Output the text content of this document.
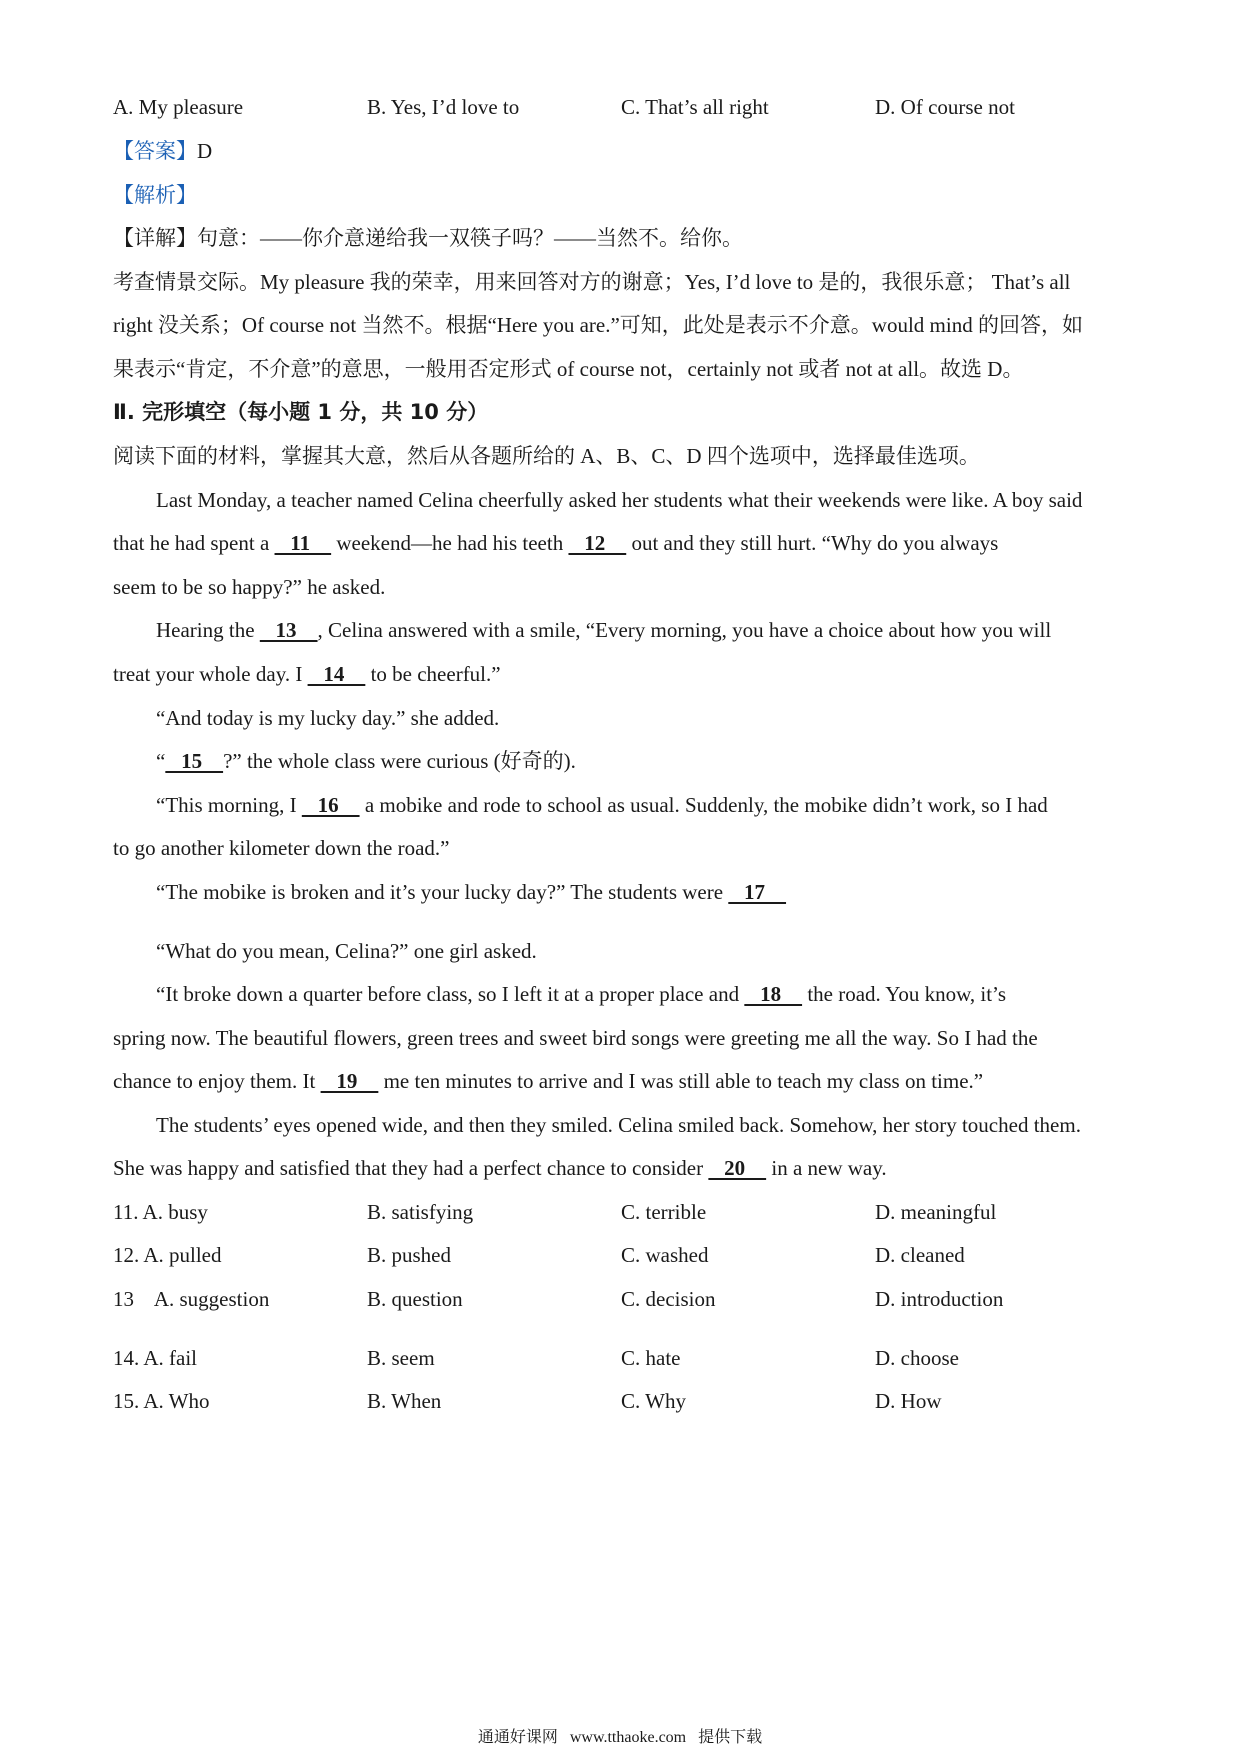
A. My pleasure	B. Yes, I’d love to	C. That’s all right	D. Of course not
【答案】D
【解析】
【详解】句意：——你介意递给我一双筷子吗？——当然不。给你。
考查情景交际。My pleasure 我的荣幸，用来回答对方的谢意；Yes, I’d love to 是的，我很乐意； That’s all
right 没关系；Of course not 当然不。根据“Here you are.”可知，此处是表示不介意。would mind 的回答，如
果表示“肯定，不介意”的意思，一般用否定形式 of course not，certainly not 或者 not at all。故选 D。
Ⅱ. 完形填空（每小题 1 分，共 10 分）
阅读下面的材料，掌握其大意，然后从各题所给的 A、B、C、D 四个选项中，选择最佳选项。
Last Monday, a teacher named Celina cheerfully asked her students what their weekends were like. A boy said
that he had spent a    11     weekend—he had his teeth    12     out and they still hurt. “Why do you always
seem to be so happy?” he asked.
Hearing the    13    , Celina answered with a smile, “Every morning, you have a choice about how you will
treat your whole day. I    14     to be cheerful.”
“And today is my lucky day.” she added.
“   15    ?” the whole class were curious (好奇的).
“This morning, I    16     a mobike and rode to school as usual. Suddenly, the mobike didn’t work, so I had
to go another kilometer down the road.”
“The mobike is broken and it’s your lucky day?” The students were    17
“What do you mean, Celina?” one girl asked.
“It broke down a quarter before class, so I left it at a proper place and    18     the road. You know, it’s
spring now. The beautiful flowers, green trees and sweet bird songs were greeting me all the way. So I had the
chance to enjoy them. It    19     me ten minutes to arrive and I was still able to teach my class on time.”
The students’ eyes opened wide, and then they smiled. Celina smiled back. Somehow, her story touched them.
She was happy and satisfied that they had a perfect chance to consider    20     in a new way.
11. A. busy	B. satisfying	C. terrible	D. meaningful
12. A. pulled	B. pushed	C. washed	D. cleaned
13    A. suggestion	B. question	C. decision	D. introduction
14. A. fail	B. seem	C. hate	D. choose
15. A. Who	B. When	C. Why	D. How
通通好课网 www.tthaoke.com 提供下载
